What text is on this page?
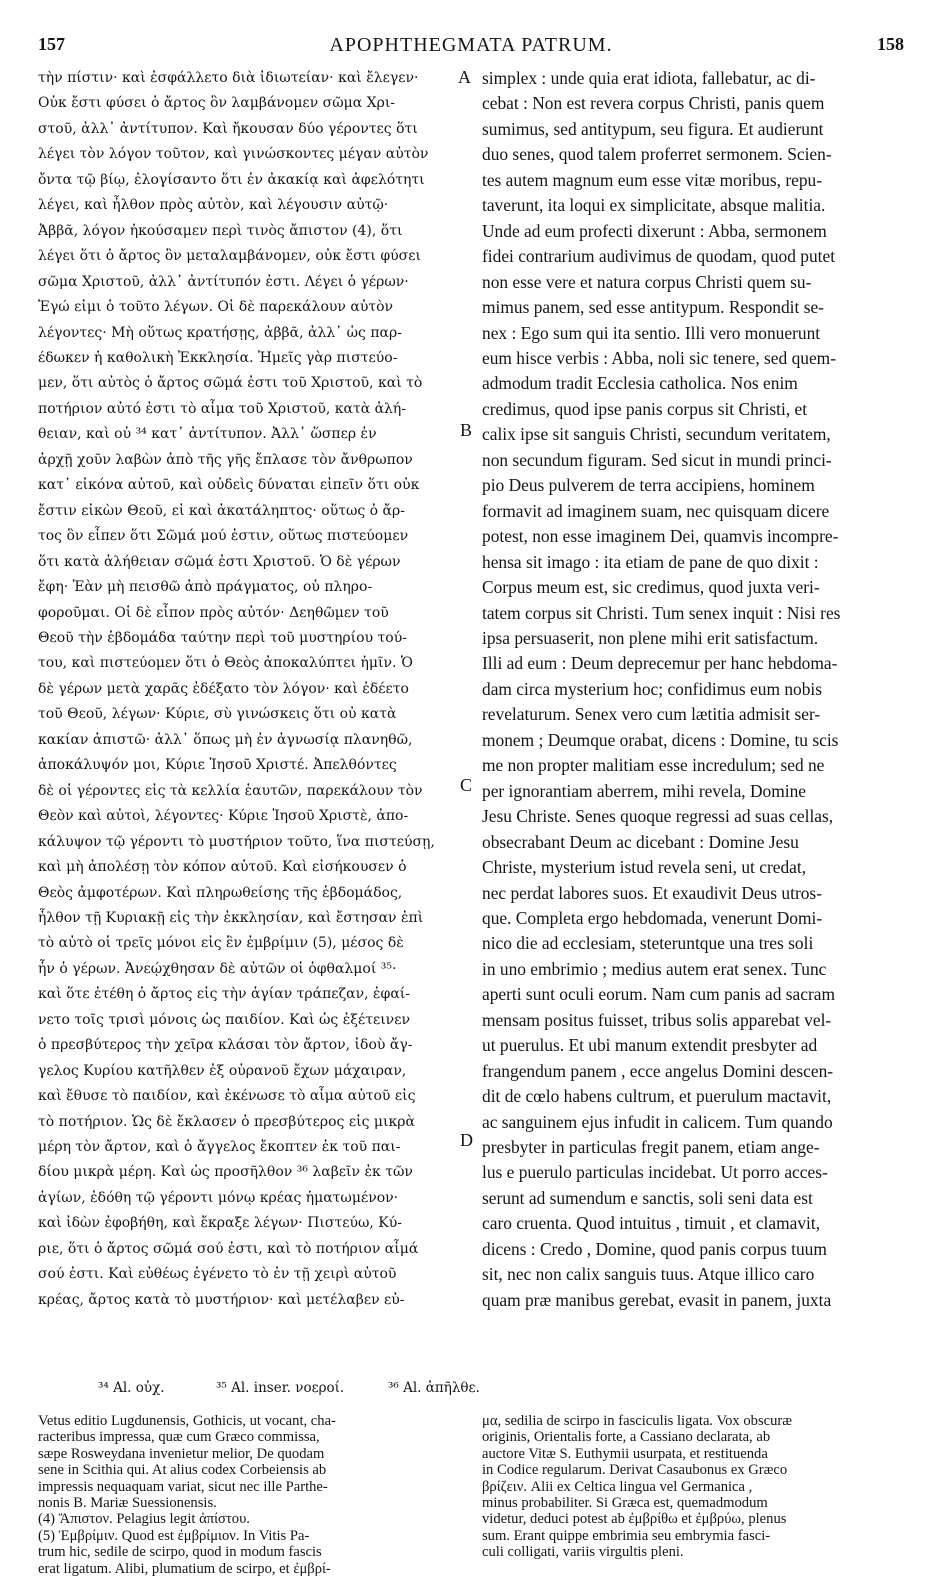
157	APOPHTHEGMATA PATRUM.	158
τὴν πίστιν· καὶ ἐσφάλλετο διὰ ἰδιωτείαν· καὶ ἔλεγεν·
Οὐκ ἔστι φύσει ὁ ἄρτος ὃν λαμβάνομεν σῶμα Χρι-
στοῦ, ἀλλ᾽ ἀντίτυπον. Καὶ ἤκουσαν δύο γέροντες ὅτι
λέγει τὸν λόγον τοῦτον, καὶ γινώσκοντες μέγαν αὐτὸν
ὄντα τῷ βίῳ, ἐλογίσαντο ὅτι ἐν ἀκακίᾳ καὶ ἀφελότητι
λέγει, καὶ ἦλθον πρὸς αὐτὸν, καὶ λέγουσιν αὐτῷ·
Ἀββᾶ, λόγον ἠκούσαμεν περὶ τινὸς ἄπιστον (4), ὅτι
λέγει ὅτι ὁ ἄρτος ὃν μεταλαμβάνομεν, οὐκ ἔστι φύσει
σῶμα Χριστοῦ, ἀλλ᾽ ἀντίτυπόν ἐστι. Λέγει ὁ γέρων·
Ἐγώ εἰμι ὁ τοῦτο λέγων. Οἱ δὲ παρεκάλουν αὐτὸν
λέγοντες· Μὴ οὕτως κρατήσῃς, ἀββᾶ, ἀλλ᾽ ὡς παρ-
έδωκεν ἡ καθολικὴ Ἐκκλησία. Ἡμεῖς γὰρ πιστεύο-
μεν, ὅτι αὐτὸς ὁ ἄρτος σῶμά ἐστι τοῦ Χριστοῦ, καὶ τὸ
ποτήριον αὐτό ἐστι τὸ αἷμα τοῦ Χριστοῦ, κατὰ ἀλή-
θειαν, καὶ οὐ ³⁴ κατ᾽ ἀντίτυπον. Ἀλλ᾽ ὥσπερ ἐν
ἀρχῇ χοῦν λαβὼν ἀπὸ τῆς γῆς ἔπλασε τὸν ἄνθρωπον
κατ᾽ εἰκόνα αὐτοῦ, καὶ οὐδεὶς δύναται εἰπεῖν ὅτι οὐκ
ἔστιν εἰκὼν Θεοῦ, εἰ καὶ ἀκατάληπτος· οὕτως ὁ ἄρ-
τος ὃν εἶπεν ὅτι Σῶμά μού ἐστιν, οὕτως πιστεύομεν
ὅτι κατὰ ἀλήθειαν σῶμά ἐστι Χριστοῦ. Ὁ δὲ γέρων
ἔφη· Ἐὰν μὴ πεισθῶ ἀπὸ πράγματος, οὐ πληρο-
φοροῦμαι. Οἱ δὲ εἶπον πρὸς αὐτόν· Δεηθῶμεν τοῦ
Θεοῦ τὴν ἑβδομάδα ταύτην περὶ τοῦ μυστηρίου τού-
του, καὶ πιστεύομεν ὅτι ὁ Θεὸς ἀποκαλύπτει ἡμῖν. Ὁ
δὲ γέρων μετὰ χαρᾶς ἐδέξατο τὸν λόγον· καὶ ἐδέετο
τοῦ Θεοῦ, λέγων· Κύριε, σὺ γινώσκεις ὅτι οὐ κατὰ
κακίαν ἀπιστῶ· ἀλλ᾽ ὅπως μὴ ἐν ἀγνωσίᾳ πλανηθῶ,
ἀποκάλυψόν μοι, Κύριε Ἰησοῦ Χριστέ. Ἀπελθόντες
δὲ οἱ γέροντες εἰς τὰ κελλία ἑαυτῶν, παρεκάλουν τὸν
Θεὸν καὶ αὐτοὶ, λέγοντες· Κύριε Ἰησοῦ Χριστὲ, ἀπο-
κάλυψον τῷ γέροντι τὸ μυστήριον τοῦτο, ἵνα πιστεύσῃ,
καὶ μὴ ἀπολέσῃ τὸν κόπον αὐτοῦ. Καὶ εἰσήκουσεν ὁ
Θεὸς ἀμφοτέρων. Καὶ πληρωθείσης τῆς ἑβδομάδος,
ἦλθον τῇ Κυριακῇ εἰς τὴν ἐκκλησίαν, καὶ ἔστησαν ἐπὶ
τὸ αὐτὸ οἱ τρεῖς μόνοι εἰς ἓν ἐμβρίμιν (5), μέσος δὲ
ἦν ὁ γέρων. Ἀνεῴχθησαν δὲ αὐτῶν οἱ ὀφθαλμοί ³⁵·
καὶ ὅτε ἐτέθη ὁ ἄρτος εἰς τὴν ἁγίαν τράπεζαν, ἐφαί-
νετο τοῖς τρισὶ μόνοις ὡς παιδίον. Καὶ ὡς ἐξέτεινεν
ὁ πρεσβύτερος τὴν χεῖρα κλάσαι τὸν ἄρτον, ἰδοὺ ἄγ-
γελος Κυρίου κατῆλθεν ἐξ οὐρανοῦ ἔχων μάχαιραν,
καὶ ἔθυσε τὸ παιδίον, καὶ ἐκένωσε τὸ αἷμα αὐτοῦ εἰς
τὸ ποτήριον. Ὡς δὲ ἔκλασεν ὁ πρεσβύτερος εἰς μικρὰ
μέρη τὸν ἄρτον, καὶ ὁ ἄγγελος ἔκοπτεν ἐκ τοῦ παι-
δίου μικρὰ μέρη. Καὶ ὡς προσῆλθον ³⁶ λαβεῖν ἐκ τῶν
ἁγίων, ἐδόθη τῷ γέροντι μόνῳ κρέας ἡματωμένον·
καὶ ἰδὼν ἐφοβήθη, καὶ ἔκραξε λέγων· Πιστεύω, Κύ-
ριε, ὅτι ὁ ἄρτος σῶμά σού ἐστι, καὶ τὸ ποτήριον αἷμά
σού ἐστι. Καὶ εὐθέως ἐγένετο τὸ ἐν τῇ χειρὶ αὐτοῦ
κρέας, ἄρτος κατὰ τὸ μυστήριον· καὶ μετέλαβεν εὐ-
simplex : unde quia erat idiota, fallebatur, ac di-
cebat : Non est revera corpus Christi, panis quem
sumimus, sed antitypum, seu figura. Et audierunt
duo senes, quod talem proferret sermonem. Scien-
tes autem magnum eum esse vitæ moribus, repu-
taverunt, ita loqui ex simplicitate, absque malitia.
Unde ad eum profecti dixerunt : Abba, sermonem
fidei contrarium audivimus de quodam, quod putet
non esse vere et natura corpus Christi quem su-
mimus panem, sed esse antitypum. Respondit se-
nex : Ego sum qui ita sentio. Illi vero monuerunt
eum hisce verbis : Abba, noli sic tenere, sed quem-
admodum tradit Ecclesia catholica. Nos enim
credimus, quod ipse panis corpus sit Christi, et
calix ipse sit sanguis Christi, secundum veritatem,
non secundum figuram. Sed sicut in mundi princi-
pio Deus pulverem de terra accipiens, hominem
formavit ad imaginem suam, nec quisquam dicere
potest, non esse imaginem Dei, quamvis incompre-
hensa sit imago : ita etiam de pane de quo dixit :
Corpus meum est, sic credimus, quod juxta veri-
tatem corpus sit Christi. Tum senex inquit : Nisi res
ipsa persuaserit, non plene mihi erit satisfactum.
Illi ad eum : Deum deprecemur per hanc hebdoma-
dam circa mysterium hoc; confidimus eum nobis
revelaturum. Senex vero cum lætitia admisit ser-
monem ; Deumque orabat, dicens : Domine, tu scis
me non propter malitiam esse incredulum; sed ne
per ignorantiam aberrem, mihi revela, Domine
Jesu Christe. Senes quoque regressi ad suas cellas,
obsecrabant Deum ac dicebant : Domine Jesu
Christe, mysterium istud revela seni, ut credat,
nec perdat labores suos. Et exaudivit Deus utros-
que. Completa ergo hebdomada, venerunt Domi-
nico die ad ecclesiam, steteruntque una tres soli
in uno embrimio ; medius autem erat senex. Tunc
aperti sunt oculi eorum. Nam cum panis ad sacram
mensam positus fuisset, tribus solis apparebat vel-
ut puerulus. Et ubi manum extendit presbyter ad
frangendum panem , ecce angelus Domini descen-
dit de cœlo habens cultrum, et puerulum mactavit,
ac sanguinem ejus infudit in calicem. Tum quando
presbyter in particulas fregit panem, etiam ange-
lus e puerulo particulas incidebat. Ut porro acces-
serunt ad sumendum e sanctis, soli seni data est
caro cruenta. Quod intuitus , timuit , et clamavit,
dicens : Credo , Domine, quod panis corpus tuum
sit, nec non calix sanguis tuus. Atque illico caro
quam præ manibus gerebat, evasit in panem, juxta
A
B
C
D
³⁴ Al. οὐχ.	³⁵ Al. inser. νοεροί.	³⁶ Al. ἀπῆλθε.
Vetus editio Lugdunensis, Gothicis, ut vocant, cha-
racteribus impressa, quæ cum Græco commissa,
sæpe Rosweydana invenietur melior, De quodam
sene in Scithia qui. At alius codex Corbeiensis ab
impressis nequaquam variat, sicut nec ille Parthe-
nonis B. Mariæ Suessionensis.
(4) Ἄπιστον. Pelagius legit ἀπίστου.
(5) Ἐμβρίμιν. Quod est ἐμβρίμιον. In Vitis Pa-
trum hic, sedile de scirpo, quod in modum fascis
erat ligatum. Alibi, plumatium de scirpo, et ἐμβρί-
μα, sedilia de scirpo in fasciculis ligata. Vox obscuræ
originis, Orientalis forte, a Cassiano declarata, ab
auctore Vitæ S. Euthymii usurpata, et restituenda
in Codice regularum. Derivat Casaubonus ex Græco
βρίζειν. Alii ex Celtica lingua vel Germanica ,
minus probabiliter. Si Græca est, quemadmodum
videtur, deduci potest ab ἐμβρίθω et ἐμβρύω, plenus
sum. Erant quippe embrimia seu embrymia fasci-
culi colligati, variis virgultis pleni.
